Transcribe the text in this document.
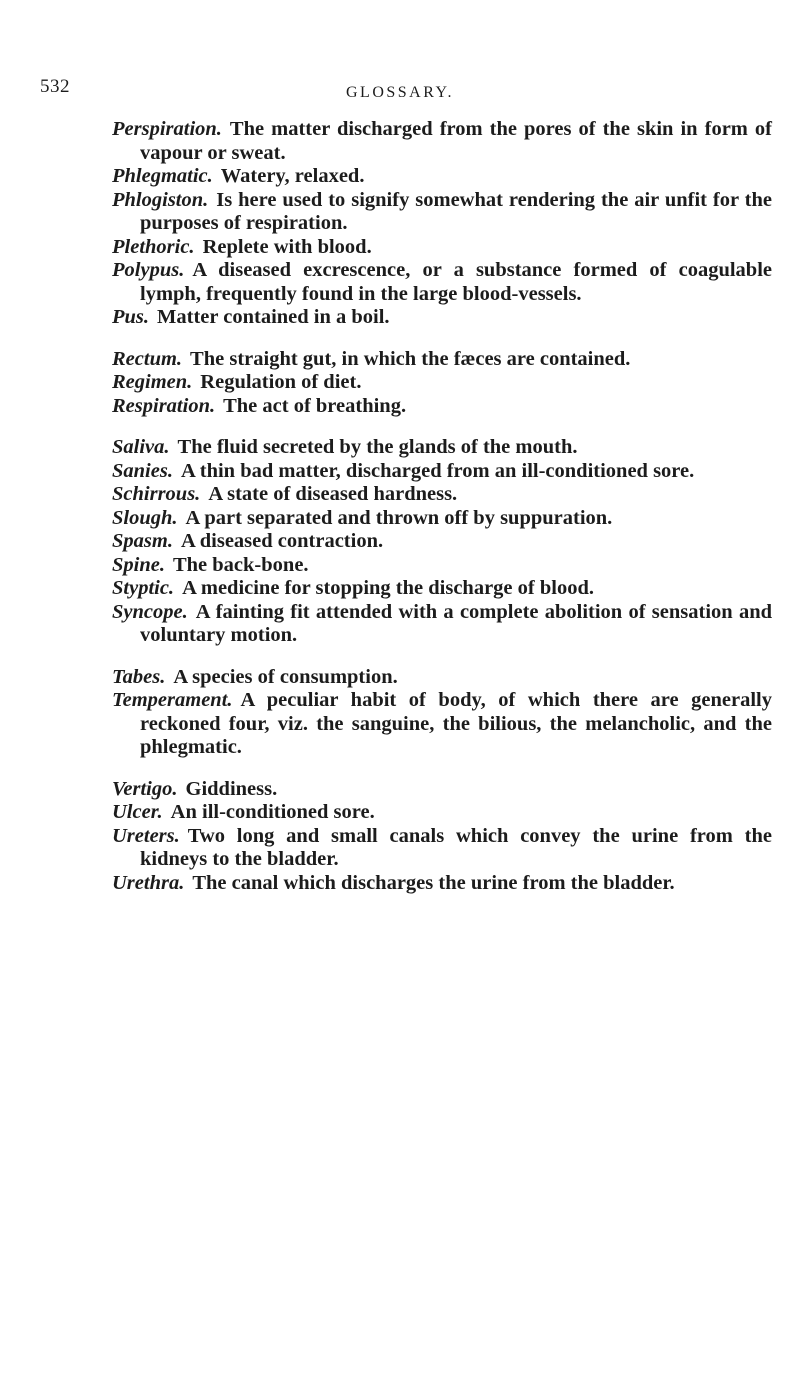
532	GLOSSARY.

Perspiration. The matter discharged from the pores of the skin in form of vapour or sweat.

Phlegmatic. Watery, relaxed.

Phlogiston. Is here used to signify somewhat rendering the air unfit for the purposes of respiration.

Plethoric. Replete with blood.

Polypus. A diseased excrescence, or a substance formed of coagulable lymph, frequently found in the large blood-vessels.

Pus. Matter contained in a boil.

Rectum. The straight gut, in which the fæces are contained.

Regimen. Regulation of diet.

Respiration. The act of breathing.

Saliva. The fluid secreted by the glands of the mouth.

Sanies. A thin bad matter, discharged from an ill-conditioned sore.

Schirrous. A state of diseased hardness.

Slough. A part separated and thrown off by suppuration.

Spasm. A diseased contraction.

Spine. The back-bone.

Styptic. A medicine for stopping the discharge of blood.

Syncope. A fainting fit attended with a complete abolition of sensation and voluntary motion.

Tabes. A species of consumption.

Temperament. A peculiar habit of body, of which there are generally reckoned four, viz. the sanguine, the bilious, the melancholic, and the phlegmatic.

Vertigo. Giddiness.

Ulcer. An ill-conditioned sore.

Ureters. Two long and small canals which convey the urine from the kidneys to the bladder.

Urethra. The canal which discharges the urine from the bladder.
